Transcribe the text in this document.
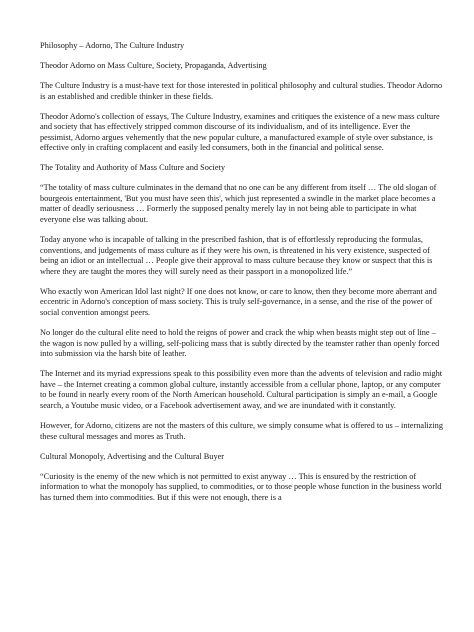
Philosophy – Adorno, The Culture Industry
Theodor Adorno on Mass Culture, Society, Propaganda, Advertising

The Culture Industry is a must-have text for those interested in political philosophy and cultural studies. Theodor Adorno is an established and credible thinker in these fields.

Theodor Adorno's collection of essays, The Culture Industry, examines and critiques the existence of a new mass culture and society that has effectively stripped common discourse of its individualism, and of its intelligence. Ever the pessimist, Adorno argues vehemently that the new popular culture, a manufactured example of style over substance, is effective only in crafting complacent and easily led consumers, both in the financial and political sense.

The Totality and Authority of Mass Culture and Society

“The totality of mass culture culminates in the demand that no one can be any different from itself … The old slogan of bourgeois entertainment, 'But you must have seen this', which just represented a swindle in the market place becomes a matter of deadly seriousness … Formerly the supposed penalty merely lay in not being able to participate in what everyone else was talking about.

Today anyone who is incapable of talking in the prescribed fashion, that is of effortlessly reproducing the formulas, conventions, and judgements of mass culture as if they were his own, is threatened in his very existence, suspected of being an idiot or an intellectual … People give their approval to mass culture because they know or suspect that this is where they are taught the mores they will surely need as their passport in a monopolized life.”

Who exactly won American Idol last night? If one does not know, or care to know, then they become more aberrant and eccentric in Adorno's conception of mass society. This is truly self-governance, in a sense, and the rise of the power of social convention amongst peers.

No longer do the cultural elite need to hold the reigns of power and crack the whip when beasts might step out of line – the wagon is now pulled by a willing, self-policing mass that is subtly directed by the teamster rather than openly forced into submission via the harsh bite of leather.

The Internet and its myriad expressions speak to this possibility even more than the advents of television and radio might have – the Internet creating a common global culture, instantly accessible from a cellular phone, laptop, or any computer to be found in nearly every room of the North American household. Cultural participation is simply an e-mail, a Google search, a Youtube music video, or a Facebook advertisement away, and we are inundated with it constantly.

However, for Adorno, citizens are not the masters of this culture, we simply consume what is offered to us – internalizing these cultural messages and mores as Truth.

Cultural Monopoly, Advertising and the Cultural Buyer

“Curiosity is the enemy of the new which is not permitted to exist anyway … This is ensured by the restriction of information to what the monopoly has supplied, to commodities, or to those people whose function in the business world has turned them into commodities. But if this were not enough, there is a
